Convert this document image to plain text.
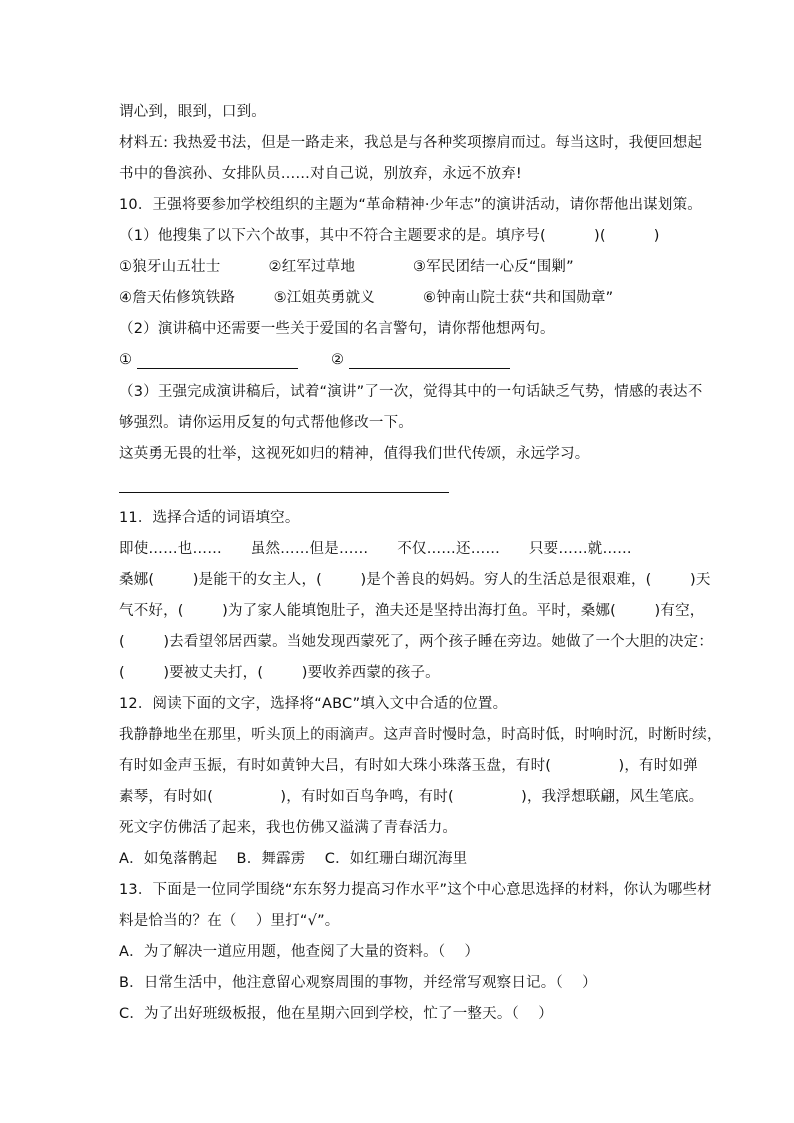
谓心到，眼到，口到。
材料五: 我热爱书法，但是一路走来，我总是与各种奖项擦肩而过。每当这时，我便回想起
书中的鲁滨孙、女排队员……对自己说，别放弃，永远不放弃!
10．王强将要参加学校组织的主题为“革命精神·少年志”的演讲活动，请你帮他出谋划策。
（1）他搜集了以下六个故事，其中不符合主题要求的是。填序号(          )(          )
①狼牙山五壮士          ②红军过草地            ③军民团结一心反“围剿”
④詹天佑修筑铁路        ⑤江姐英勇就义          ⑥钟南山院士获“共和国勋章”
（2）演讲稿中还需要一些关于爱国的名言警句，请你帮他想两句。
①	②
（3）王强完成演讲稿后，试着“演讲”了一次，觉得其中的一句话缺乏气势，情感的表达不
够强烈。请你运用反复的句式帮他修改一下。
这英勇无畏的壮举，这视死如归的精神，值得我们世代传颂，永远学习。
11．选择合适的词语填空。
即使……也……      虽然……但是……      不仅……还……      只要……就……
桑娜(        )是能干的女主人，(        )是个善良的妈妈。穷人的生活总是很艰难，(        )天
气不好，(        )为了家人能填饱肚子，渔夫还是坚持出海打鱼。平时，桑娜(        )有空，
(        )去看望邻居西蒙。当她发现西蒙死了，两个孩子睡在旁边。她做了一个大胆的决定：
(        )要被丈夫打，(        )要收养西蒙的孩子。
12．阅读下面的文字，选择将“ABC”填入文中合适的位置。
我静静地坐在那里，听头顶上的雨滴声。这声音时慢时急，时高时低，时响时沉，时断时续，
有时如金声玉振，有时如黄钟大吕，有时如大珠小珠落玉盘，有时(              )，有时如弹
素琴，有时如(              )，有时如百鸟争鸣，有时(              )，我浮想联翩，风生笔底。
死文字仿佛活了起来，我也仿佛又溢满了青春活力。
A．如兔落鹘起    B．舞霹雳    C．如红珊白瑚沉海里
13．下面是一位同学围绕“东东努力提高习作水平”这个中心意思选择的材料，你认为哪些材
料是恰当的？在（    ）里打“√”。
A．为了解决一道应用题，他查阅了大量的资料。（    ）
B．日常生活中，他注意留心观察周围的事物，并经常写观察日记。（    ）
C．为了出好班级板报，他在星期六回到学校，忙了一整天。（    ）
